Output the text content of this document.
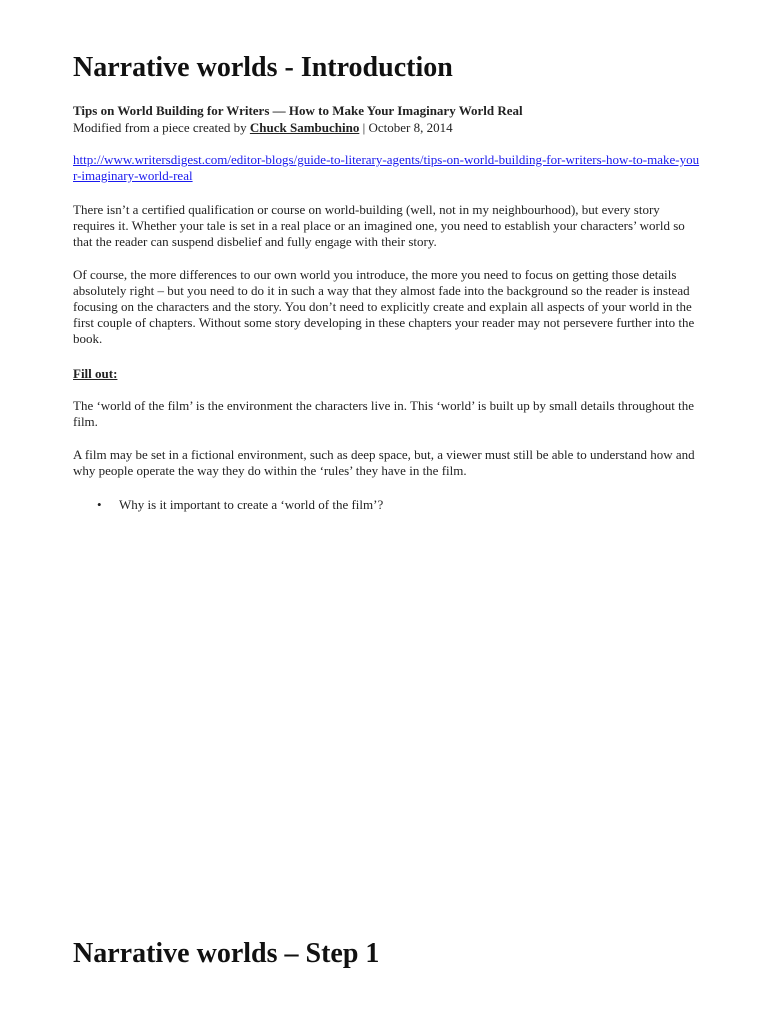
Narrative worlds - Introduction
Tips on World Building for Writers — How to Make Your Imaginary World Real
Modified from a piece created by Chuck Sambuchino | October 8, 2014
http://www.writersdigest.com/editor-blogs/guide-to-literary-agents/tips-on-world-building-for-writers-how-to-make-your-imaginary-world-real

There isn’t a certified qualification or course on world-building (well, not in my neighbourhood), but every story requires it. Whether your tale is set in a real place or an imagined one, you need to establish your characters’ world so that the reader can suspend disbelief and fully engage with their story.

Of course, the more differences to our own world you introduce, the more you need to focus on getting those details absolutely right – but you need to do it in such a way that they almost fade into the background so the reader is instead focusing on the characters and the story. You don’t need to explicitly create and explain all aspects of your world in the first couple of chapters. Without some story developing in these chapters your reader may not persevere further into the book.

Fill out:

The ‘world of the film’ is the environment the characters live in. This ‘world’ is built up by small details throughout the film.

A film may be set in a fictional environment, such as deep space, but, a viewer must still be able to understand how and why people operate the way they do within the ‘rules’ they have in the film.

• Why is it important to create a ‘world of the film’?
Narrative worlds – Step 1
